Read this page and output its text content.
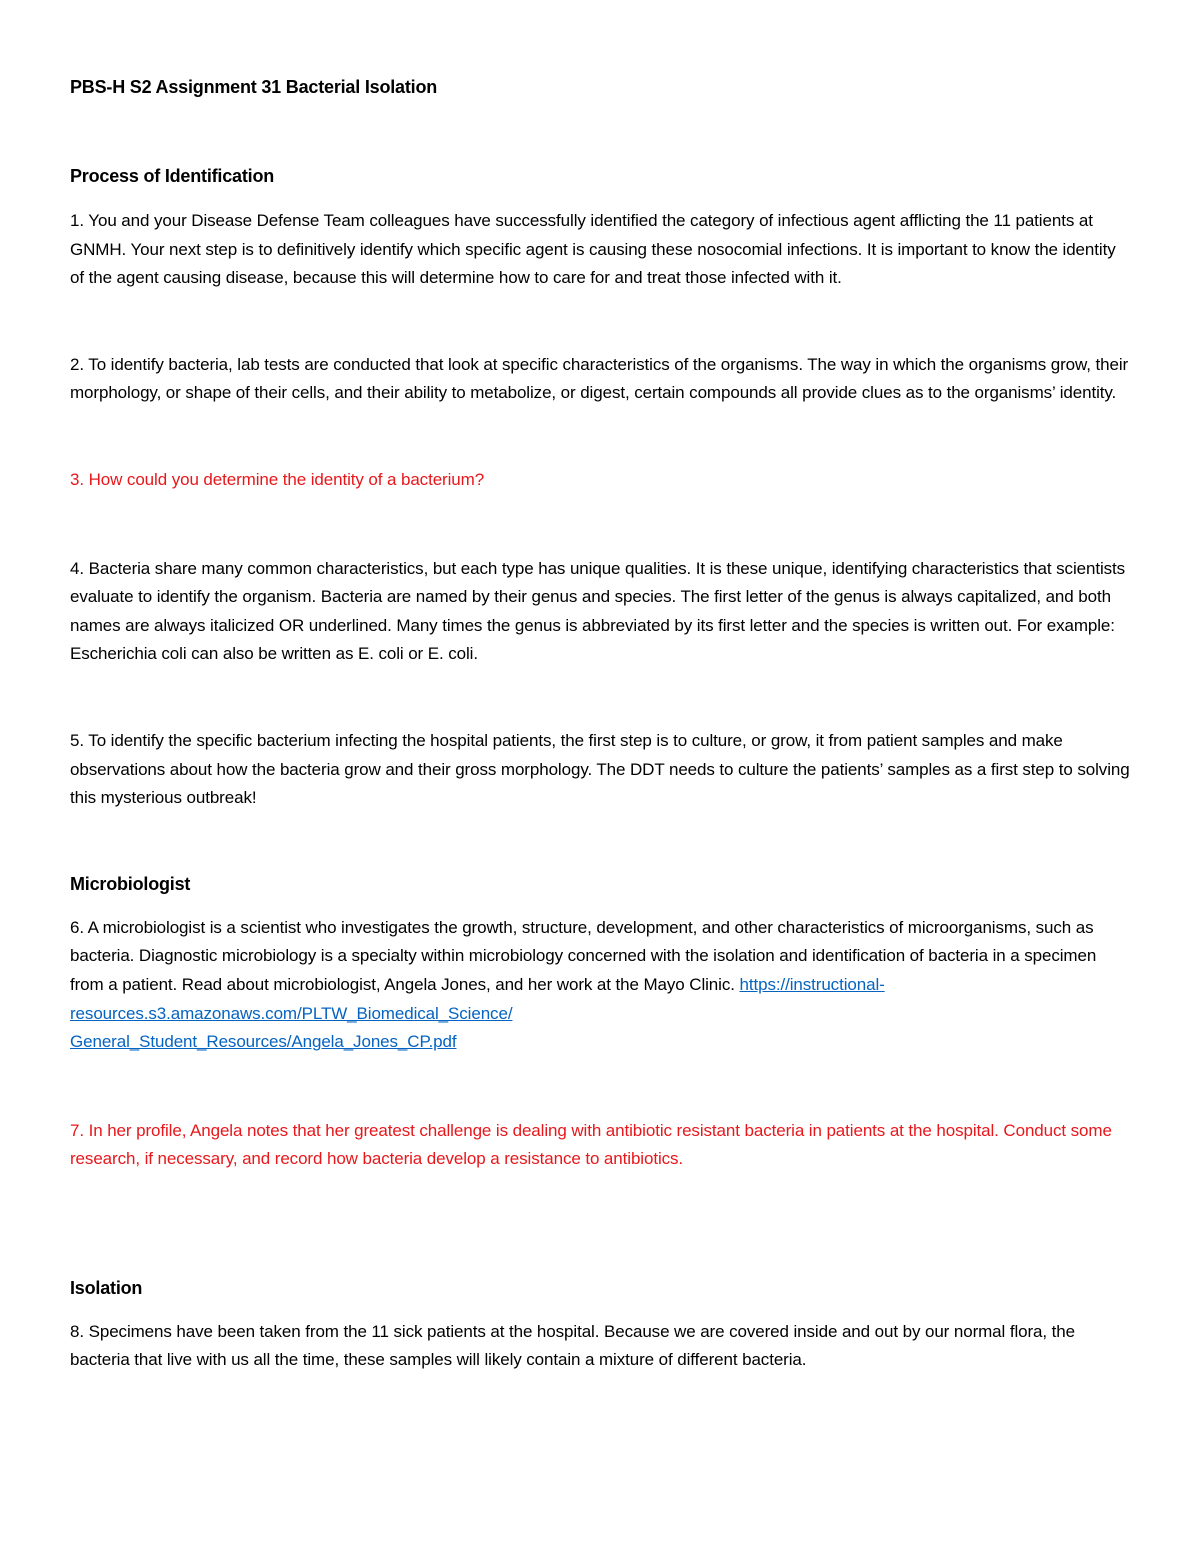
PBS-H S2 Assignment 31 Bacterial Isolation

Process of Identification

1. You and your Disease Defense Team colleagues have successfully identified the category of infectious agent afflicting the 11 patients at GNMH. Your next step is to definitively identify which specific agent is causing these nosocomial infections. It is important to know the identity of the agent causing disease, because this will determine how to care for and treat those infected with it.

2. To identify bacteria, lab tests are conducted that look at specific characteristics of the organisms. The way in which the organisms grow, their morphology, or shape of their cells, and their ability to metabolize, or digest, certain compounds all provide clues as to the organisms’ identity.

3. How could you determine the identity of a bacterium?

4. Bacteria share many common characteristics, but each type has unique qualities. It is these unique, identifying characteristics that scientists evaluate to identify the organism. Bacteria are named by their genus and species. The first letter of the genus is always capitalized, and both names are always italicized OR underlined. Many times the genus is abbreviated by its first letter and the species is written out. For example: Escherichia coli can also be written as E. coli or E. coli.

5. To identify the specific bacterium infecting the hospital patients, the first step is to culture, or grow, it from patient samples and make observations about how the bacteria grow and their gross morphology. The DDT needs to culture the patients’ samples as a first step to solving this mysterious outbreak!

Microbiologist

6. A microbiologist is a scientist who investigates the growth, structure, development, and other characteristics of microorganisms, such as bacteria. Diagnostic microbiology is a specialty within microbiology concerned with the isolation and identification of bacteria in a specimen from a patient. Read about microbiologist, Angela Jones, and her work at the Mayo Clinic. https://instructional-resources.s3.amazonaws.com/PLTW_Biomedical_Science/
General_Student_Resources/Angela_Jones_CP.pdf

7. In her profile, Angela notes that her greatest challenge is dealing with antibiotic resistant bacteria in patients at the hospital. Conduct some research, if necessary, and record how bacteria develop a resistance to antibiotics.

Isolation

8. Specimens have been taken from the 11 sick patients at the hospital. Because we are covered inside and out by our normal flora, the bacteria that live with us all the time, these samples will likely contain a mixture of different bacteria.
